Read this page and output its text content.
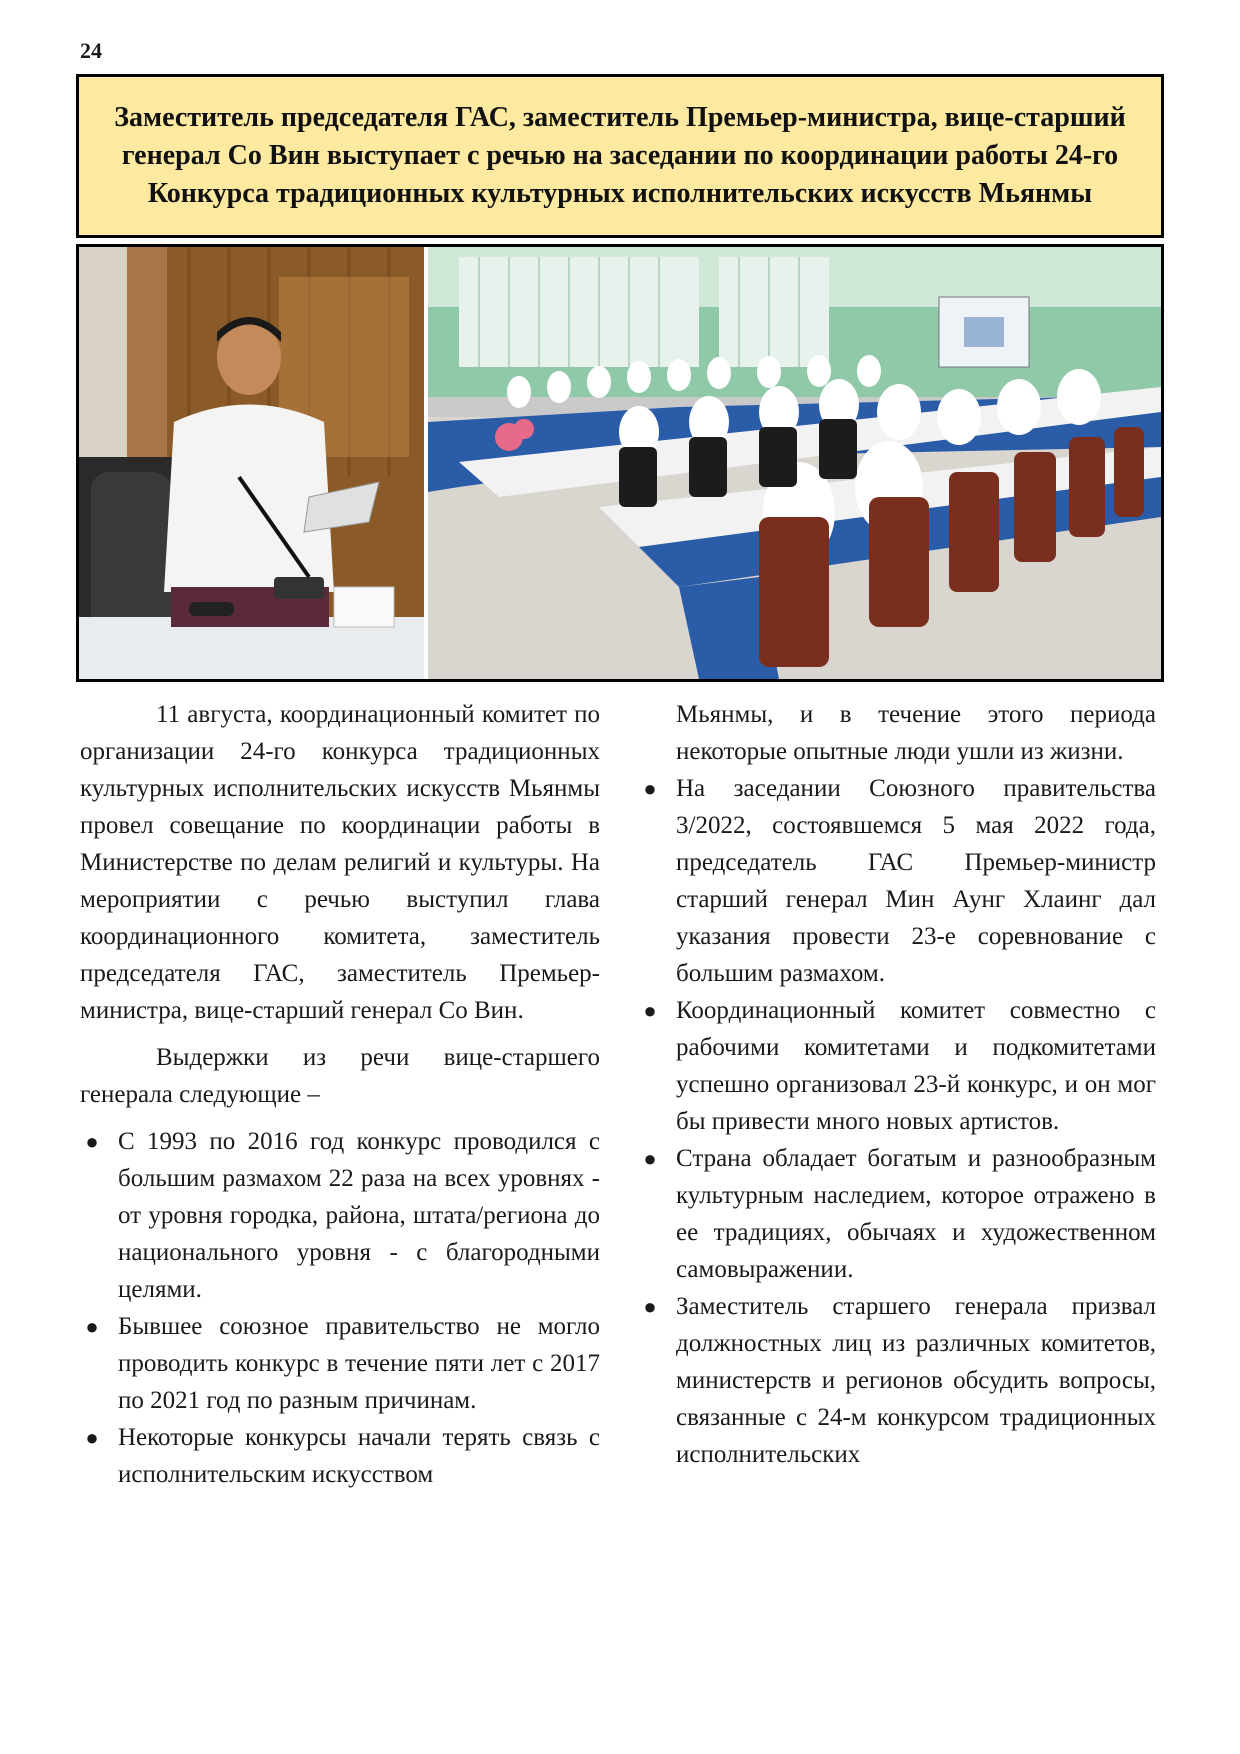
24
Заместитель председателя ГАС, заместитель Премьер-министра, вице-старший генерал Со Вин выступает с речью на заседании по координации работы 24-го Конкурса традиционных культурных исполнительских искусств Мьянмы

11 августа, координационный комитет по организации 24-го конкурса традиционных культурных исполнительских искусств Мьянмы провел совещание по координации работы в Министерстве по делам религий и культуры. На мероприятии с речью выступил глава координационного комитета, заместитель председателя ГАС, заместитель Премьер-министра, вице-старший генерал Со Вин.

Выдержки из речи вице-старшего генерала следующие –

● С 1993 по 2016 год конкурс проводился с большим размахом 22 раза на всех уровнях - от уровня городка, района, штата/региона до национального уровня - с благородными целями.
● Бывшее союзное правительство не могло проводить конкурс в течение пяти лет с 2017 по 2021 год по разным причинам.
● Некоторые конкурсы начали терять связь с исполнительским искусством

Мьянмы, и в течение этого периода некоторые опытные люди ушли из жизни.

● На заседании Союзного правительства 3/2022, состоявшемся 5 мая 2022 года, председатель ГАС Премьер-министр старший генерал Мин Аунг Хлаинг дал указания провести 23-е соревнование с большим размахом.
● Координационный комитет совместно с рабочими комитетами и подкомитетами успешно организовал 23-й конкурс, и он мог бы привести много новых артистов.
● Страна обладает богатым и разнообразным культурным наследием, которое отражено в ее традициях, обычаях и художественном самовыражении.
● Заместитель старшего генерала призвал должностных лиц из различных комитетов, министерств и регионов обсудить вопросы, связанные с 24-м конкурсом традиционных исполнительских
